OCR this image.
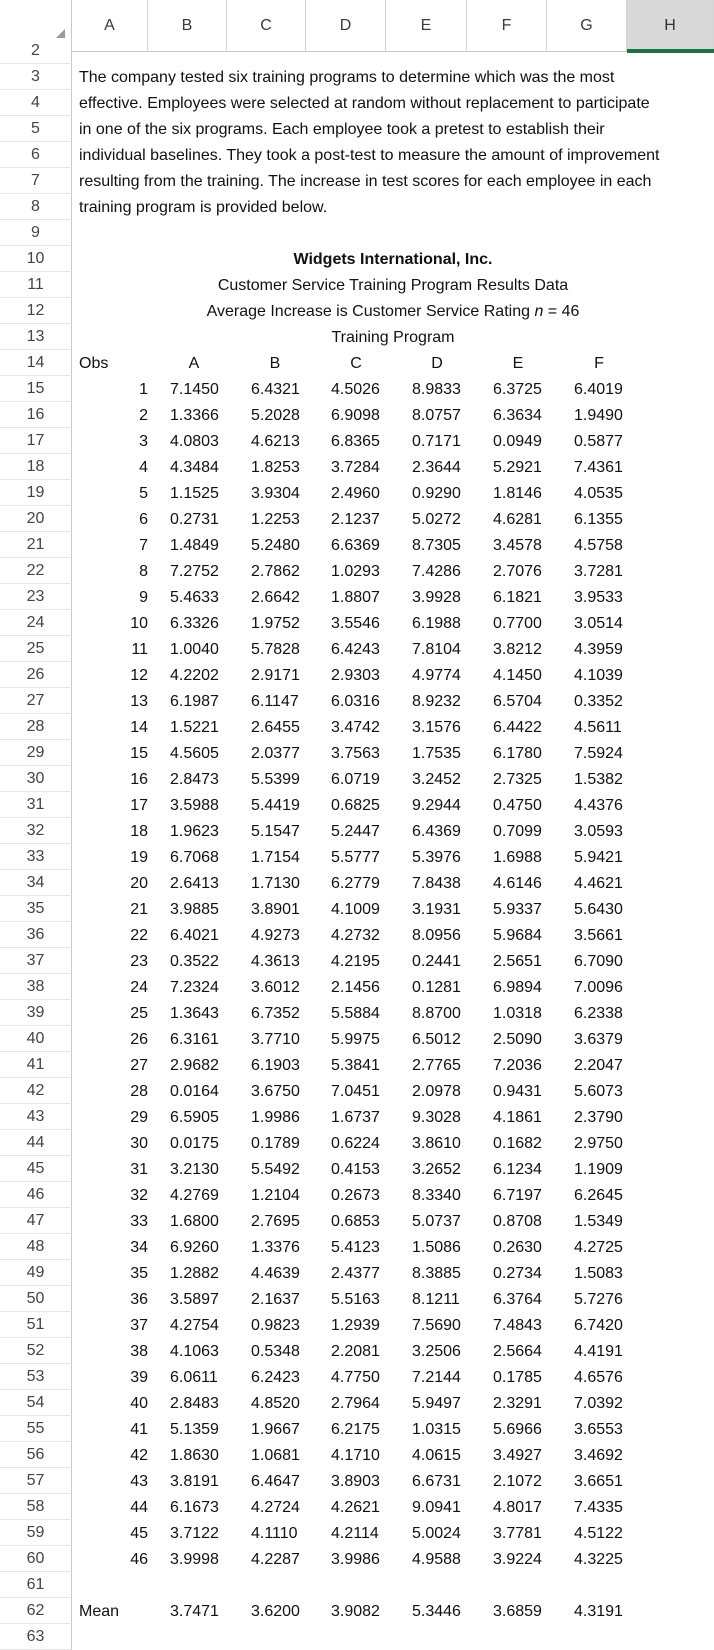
A	B	C	D	E	F	G	H
2
3
4
5
6
7
8
9
10
11
12
13
14
15
16
17
18
19
20
21
22
23
24
25
26
27
28
29
30
31
32
33
34
35
36
37
38
39
40
41
42
43
44
45
46
47
48
49
50
51
52
53
54
55
56
57
58
59
60
61
62
63
The company tested six training programs to determine which was the most
effective. Employees were selected at random without replacement to participate
in one of the six programs. Each employee took a pretest to establish their
individual baselines. They took a post-test to measure the amount of improvement
resulting from the training. The increase in test scores for each employee in each
training program is provided below.
Widgets International, Inc.
Customer Service Training Program Results Data
Average Increase is Customer Service Rating n = 46
Training Program
Obs	A	B	C	D	E	F
1 7.1450 6.4321 4.5026 8.9833 6.3725 6.4019
2 1.3366 5.2028 6.9098 8.0757 6.3634 1.9490
3 4.0803 4.6213 6.8365 0.7171 0.0949 0.5877
4 4.3484 1.8253 3.7284 2.3644 5.2921 7.4361
5 1.1525 3.9304 2.4960 0.9290 1.8146 4.0535
6 0.2731 1.2253 2.1237 5.0272 4.6281 6.1355
7 1.4849 5.2480 6.6369 8.7305 3.4578 4.5758
8 7.2752 2.7862 1.0293 7.4286 2.7076 3.7281
9 5.4633 2.6642 1.8807 3.9928 6.1821 3.9533
10 6.3326 1.9752 3.5546 6.1988 0.7700 3.0514
11 1.0040 5.7828 6.4243 7.8104 3.8212 4.3959
12 4.2202 2.9171 2.9303 4.9774 4.1450 4.1039
13 6.1987 6.1147 6.0316 8.9232 6.5704 0.3352
14 1.5221 2.6455 3.4742 3.1576 6.4422 4.5611
15 4.5605 2.0377 3.7563 1.7535 6.1780 7.5924
16 2.8473 5.5399 6.0719 3.2452 2.7325 1.5382
17 3.5988 5.4419 0.6825 9.2944 0.4750 4.4376
18 1.9623 5.1547 5.2447 6.4369 0.7099 3.0593
19 6.7068 1.7154 5.5777 5.3976 1.6988 5.9421
20 2.6413 1.7130 6.2779 7.8438 4.6146 4.4621
21 3.9885 3.8901 4.1009 3.1931 5.9337 5.6430
22 6.4021 4.9273 4.2732 8.0956 5.9684 3.5661
23 0.3522 4.3613 4.2195 0.2441 2.5651 6.7090
24 7.2324 3.6012 2.1456 0.1281 6.9894 7.0096
25 1.3643 6.7352 5.5884 8.8700 1.0318 6.2338
26 6.3161 3.7710 5.9975 6.5012 2.5090 3.6379
27 2.9682 6.1903 5.3841 2.7765 7.2036 2.2047
28 0.0164 3.6750 7.0451 2.0978 0.9431 5.6073
29 6.5905 1.9986 1.6737 9.3028 4.1861 2.3790
30 0.0175 0.1789 0.6224 3.8610 0.1682 2.9750
31 3.2130 5.5492 0.4153 3.2652 6.1234 1.1909
32 4.2769 1.2104 0.2673 8.3340 6.7197 6.2645
33 1.6800 2.7695 0.6853 5.0737 0.8708 1.5349
34 6.9260 1.3376 5.4123 1.5086 0.2630 4.2725
35 1.2882 4.4639 2.4377 8.3885 0.2734 1.5083
36 3.5897 2.1637 5.5163 8.1211 6.3764 5.7276
37 4.2754 0.9823 1.2939 7.5690 7.4843 6.7420
38 4.1063 0.5348 2.2081 3.2506 2.5664 4.4191
39 6.0611 6.2423 4.7750 7.2144 0.1785 4.6576
40 2.8483 4.8520 2.7964 5.9497 2.3291 7.0392
41 5.1359 1.9667 6.2175 1.0315 5.6966 3.6553
42 1.8630 1.0681 4.1710 4.0615 3.4927 3.4692
43 3.8191 6.4647 3.8903 6.6731 2.1072 3.6651
44 6.1673 4.2724 4.2621 9.0941 4.8017 7.4335
45 3.7122 4.1110 4.2114 5.0024 3.7781 4.5122
46 3.9998 4.2287 3.9986 4.9588 3.9224 4.3225
Mean	3.7471 3.6200 3.9082 5.3446 3.6859 4.3191
